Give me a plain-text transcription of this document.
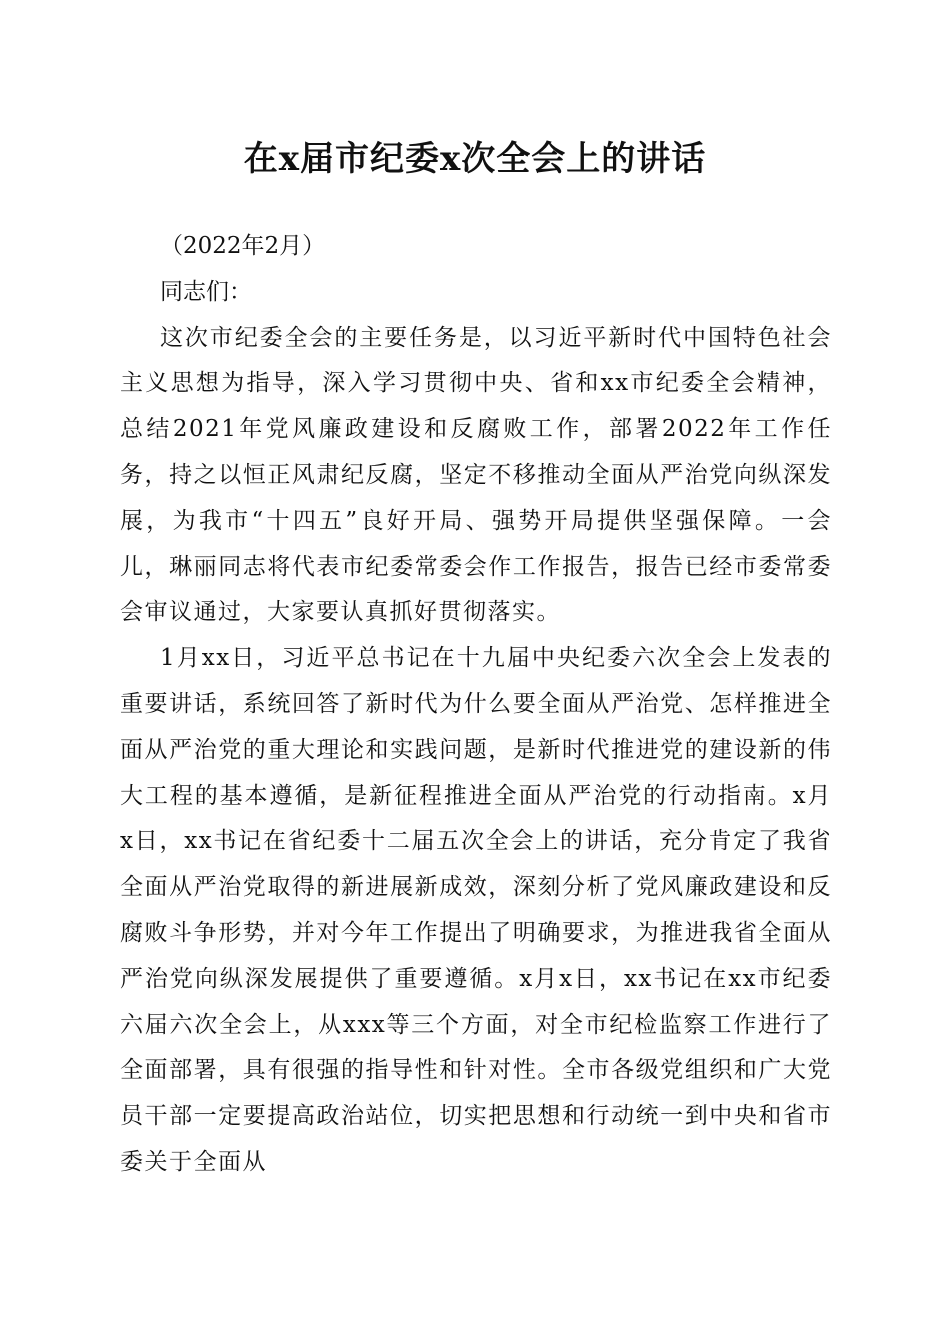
在x届市纪委x次全会上的讲话

（2022年2月）

同志们：

这次市纪委全会的主要任务是，以习近平新时代中国特色社会主义思想为指导，深入学习贯彻中央、省和xx市纪委全会精神，总结2021年党风廉政建设和反腐败工作，部署2022年工作任务，持之以恒正风肃纪反腐，坚定不移推动全面从严治党向纵深发展，为我市“十四五”良好开局、强势开局提供坚强保障。一会儿，琳丽同志将代表市纪委常委会作工作报告，报告已经市委常委会审议通过，大家要认真抓好贯彻落实。

1月xx日，习近平总书记在十九届中央纪委六次全会上发表的重要讲话，系统回答了新时代为什么要全面从严治党、怎样推进全面从严治党的重大理论和实践问题，是新时代推进党的建设新的伟大工程的基本遵循，是新征程推进全面从严治党的行动指南。x月x日，xx书记在省纪委十二届五次全会上的讲话，充分肯定了我省全面从严治党取得的新进展新成效，深刻分析了党风廉政建设和反腐败斗争形势，并对今年工作提出了明确要求，为推进我省全面从严治党向纵深发展提供了重要遵循。x月x日，xx书记在xx市纪委六届六次全会上，从xxx等三个方面，对全市纪检监察工作进行了全面部署，具有很强的指导性和针对性。全市各级党组织和广大党员干部一定要提高政治站位，切实把思想和行动统一到中央和省市委关于全面从
